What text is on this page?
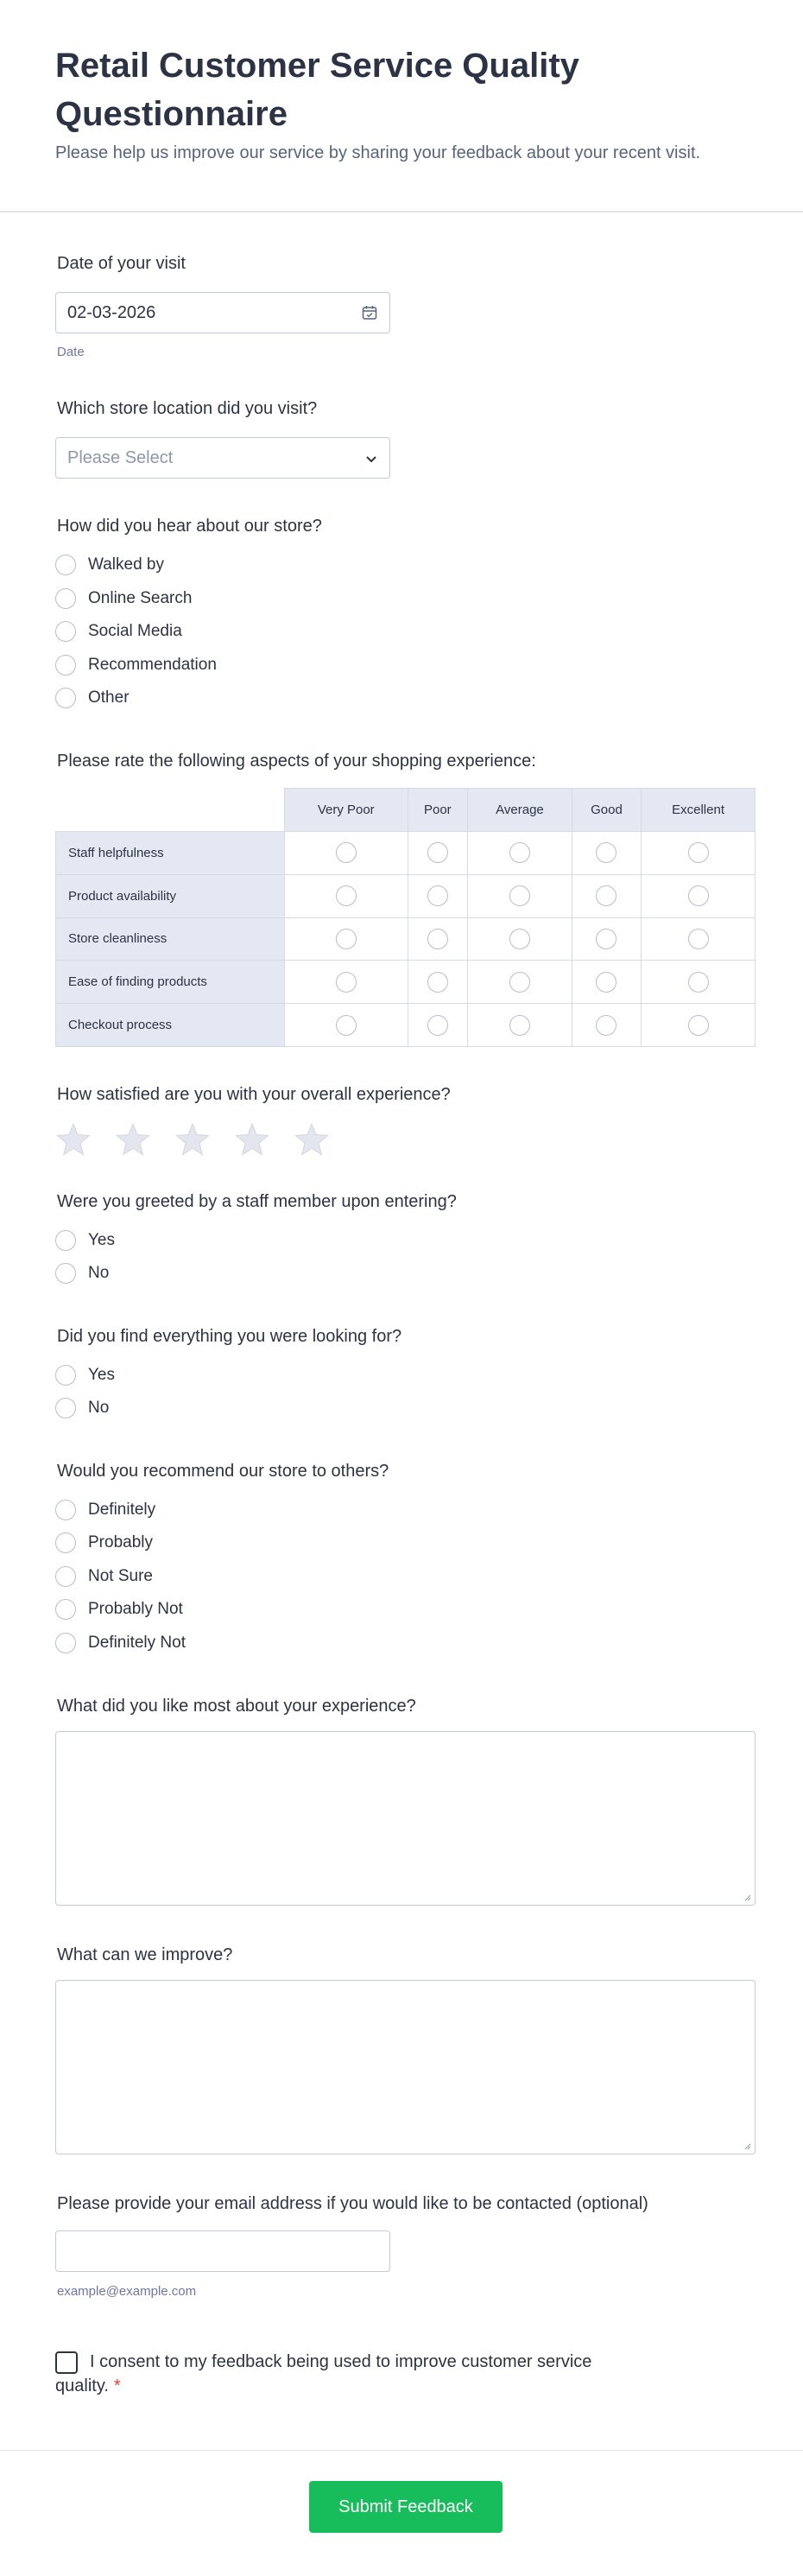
Retail Customer Service Quality Questionnaire
Please help us improve our service by sharing your feedback about your recent visit.
Date of your visit
02-03-2026
Date
Which store location did you visit?
Please Select
How did you hear about our store?
Walked by
Online Search
Social Media
Recommendation
Other
Please rate the following aspects of your shopping experience:
	Very Poor	Poor	Average	Good	Excellent
Staff helpfulness					
Product availability					
Store cleanliness					
Ease of finding products					
Checkout process					
How satisfied are you with your overall experience?
Were you greeted by a staff member upon entering?
Yes
No
Did you find everything you were looking for?
Yes
No
Would you recommend our store to others?
Definitely
Probably
Not Sure
Probably Not
Definitely Not
What did you like most about your experience?
What can we improve?
Please provide your email address if you would like to be contacted (optional)
example@example.com
I consent to my feedback being used to improve customer service
quality. *
Submit Feedback
